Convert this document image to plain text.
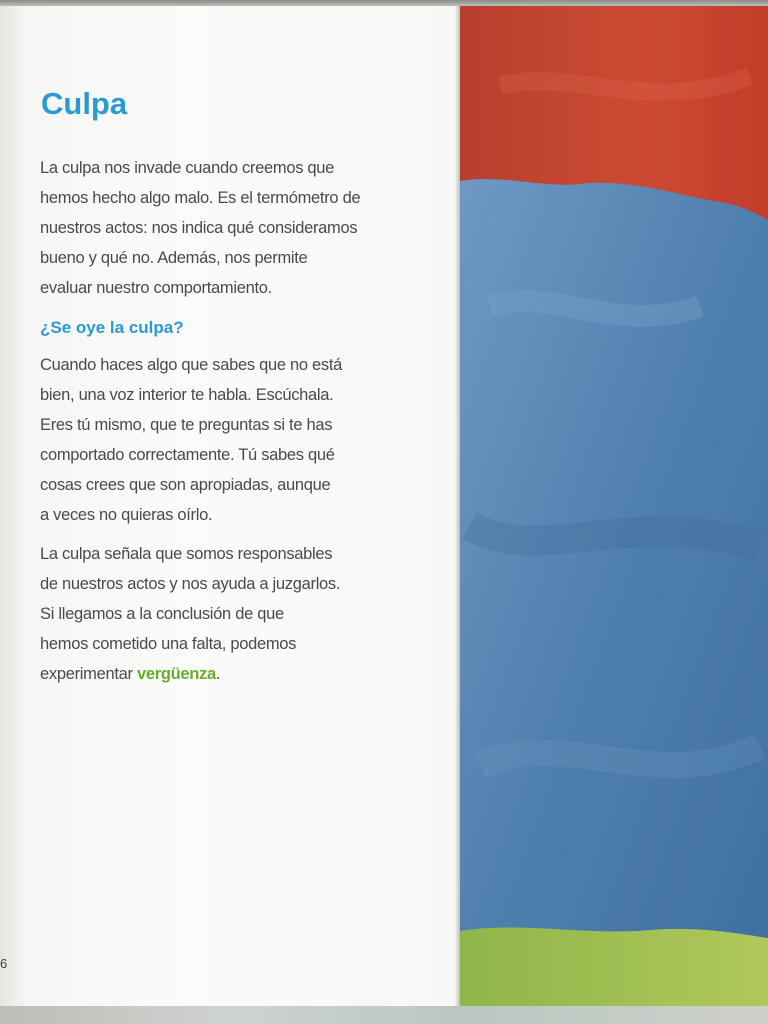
Culpa

La culpa nos invade cuando creemos que
hemos hecho algo malo. Es el termómetro de
nuestros actos: nos indica qué consideramos
bueno y qué no. Además, nos permite
evaluar nuestro comportamiento.

¿Se oye la culpa?

Cuando haces algo que sabes que no está
bien, una voz interior te habla. Escúchala.
Eres tú mismo, que te preguntas si te has
comportado correctamente. Tú sabes qué
cosas crees que son apropiadas, aunque
a veces no quieras oírlo.

La culpa señala que somos responsables
de nuestros actos y nos ayuda a juzgarlos.
Si llegamos a la conclusión de que
hemos cometido una falta, podemos
experimentar vergüenza.

6
